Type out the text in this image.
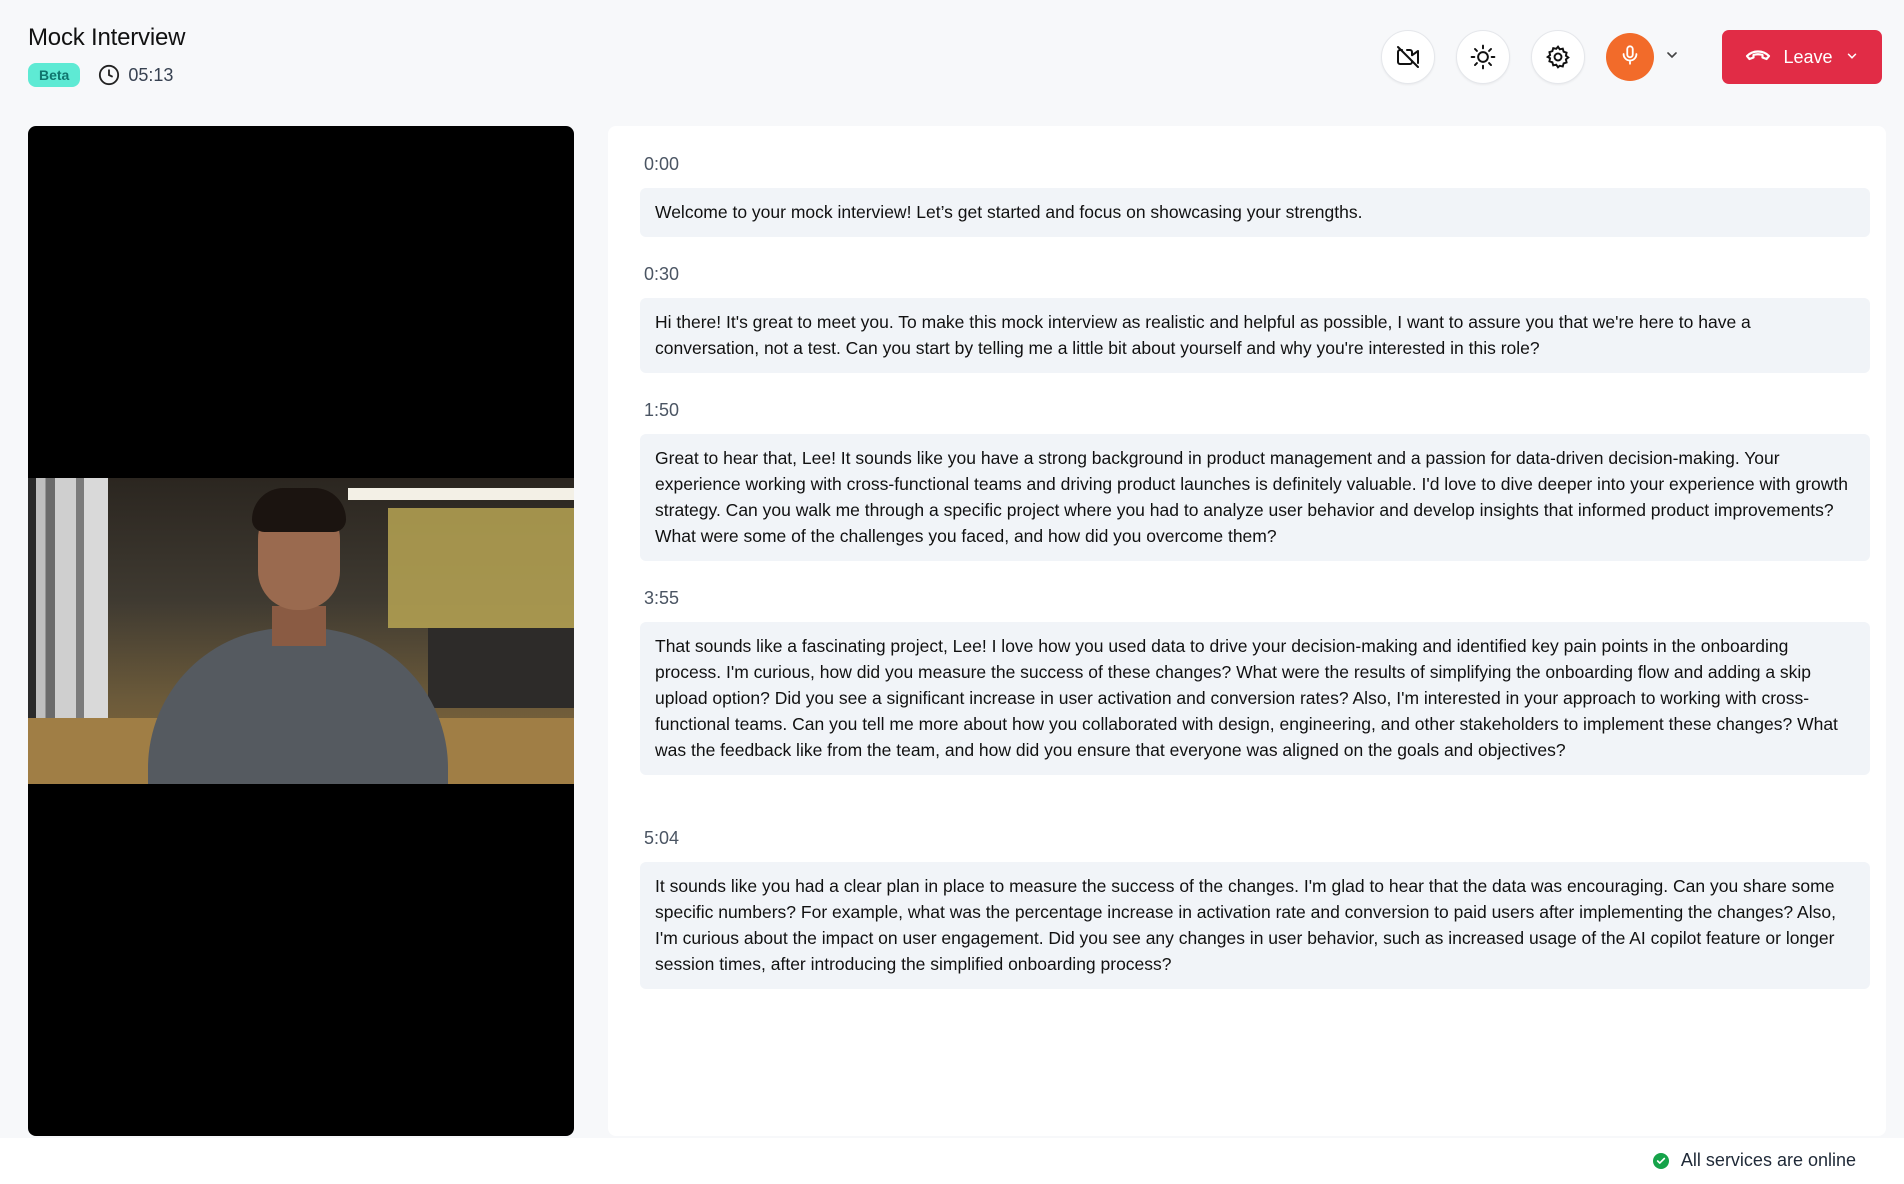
Mock Interview
Beta	05:13
Leave
0:00
Welcome to your mock interview! Let’s get started and focus on showcasing your strengths.
0:30
Hi there! It's great to meet you. To make this mock interview as realistic and helpful as possible, I want to assure you that we're here to have a conversation, not a test. Can you start by telling me a little bit about yourself and why you're interested in this role?
1:50
Great to hear that, Lee! It sounds like you have a strong background in product management and a passion for data-driven decision-making. Your experience working with cross-functional teams and driving product launches is definitely valuable. I'd love to dive deeper into your experience with growth strategy. Can you walk me through a specific project where you had to analyze user behavior and develop insights that informed product improvements? What were some of the challenges you faced, and how did you overcome them?
3:55
That sounds like a fascinating project, Lee! I love how you used data to drive your decision-making and identified key pain points in the onboarding process. I'm curious, how did you measure the success of these changes? What were the results of simplifying the onboarding flow and adding a skip upload option? Did you see a significant increase in user activation and conversion rates? Also, I'm interested in your approach to working with cross-functional teams. Can you tell me more about how you collaborated with design, engineering, and other stakeholders to implement these changes? What was the feedback like from the team, and how did you ensure that everyone was aligned on the goals and objectives?
5:04
It sounds like you had a clear plan in place to measure the success of the changes. I'm glad to hear that the data was encouraging. Can you share some specific numbers? For example, what was the percentage increase in activation rate and conversion to paid users after implementing the changes? Also, I'm curious about the impact on user engagement. Did you see any changes in user behavior, such as increased usage of the AI copilot feature or longer session times, after introducing the simplified onboarding process?
All services are online
